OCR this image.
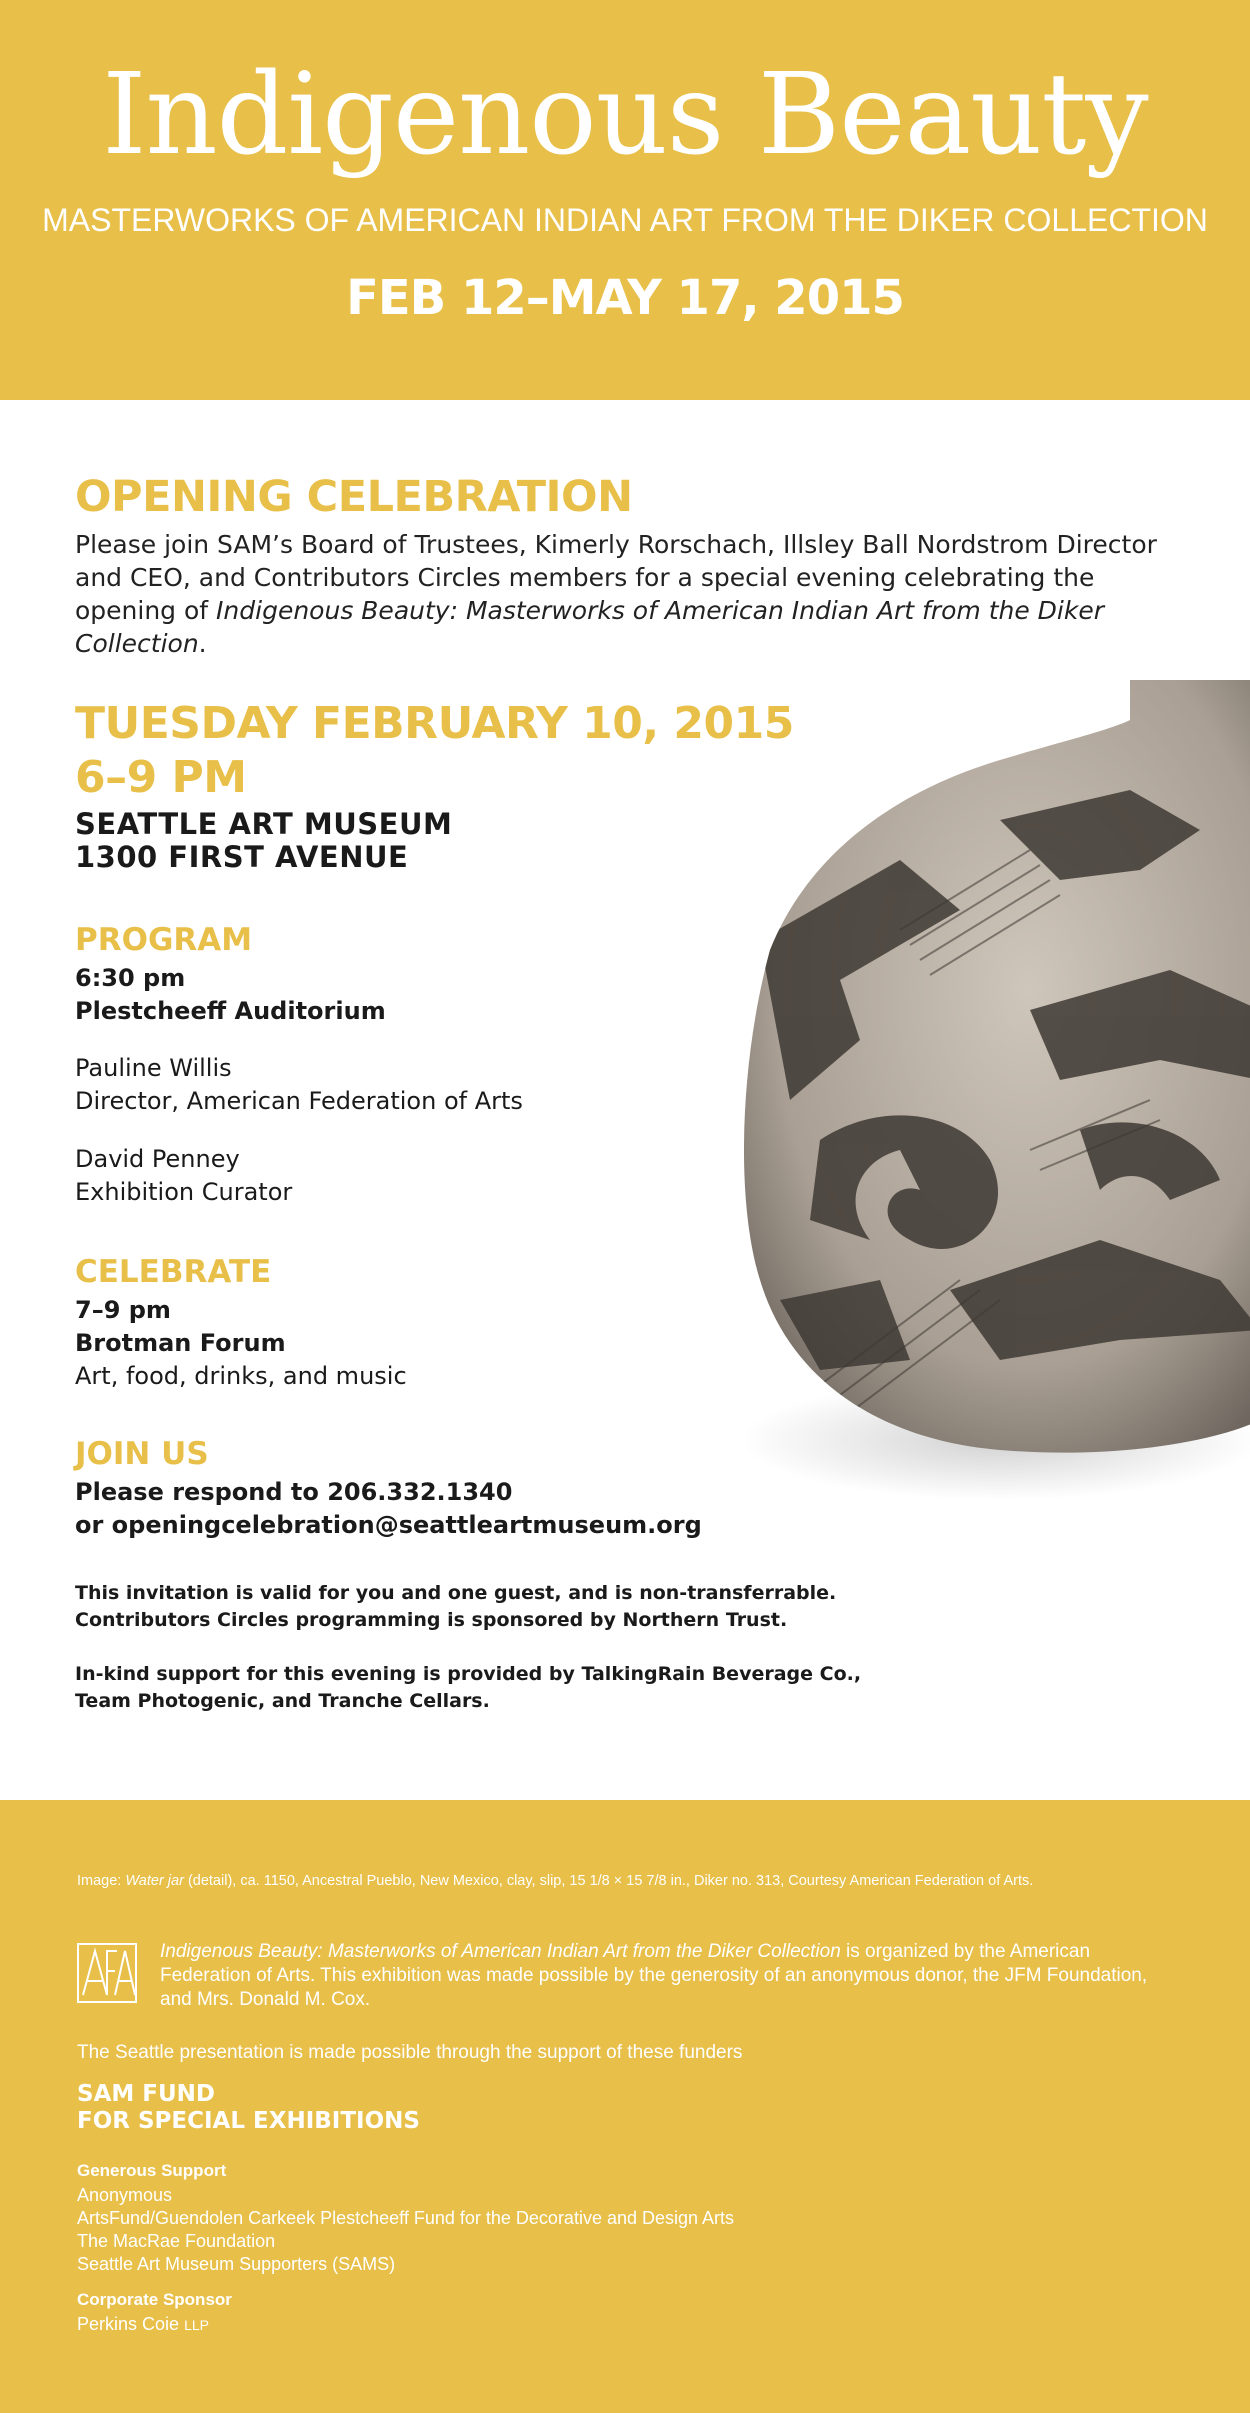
Indigenous Beauty
MASTERWORKS OF AMERICAN INDIAN ART FROM THE DIKER COLLECTION
FEB 12–MAY 17, 2015
OPENING CELEBRATION
Please join SAM’s Board of Trustees, Kimerly Rorschach, Illsley Ball Nordstrom Director and CEO, and Contributors Circles members for a special evening celebrating the opening of Indigenous Beauty: Masterworks of American Indian Art from the Diker Collection.
TUESDAY FEBRUARY 10, 2015
6–9 PM
SEATTLE ART MUSEUM
1300 FIRST AVENUE
PROGRAM
6:30 pm
Plestcheeff Auditorium
Pauline Willis
Director, American Federation of Arts
David Penney
Exhibition Curator
CELEBRATE
7–9 pm
Brotman Forum
Art, food, drinks, and music
JOIN US
Please respond to 206.332.1340
or openingcelebration@seattleartmuseum.org
This invitation is valid for you and one guest, and is non-transferrable.
Contributors Circles programming is sponsored by Northern Trust.
In-kind support for this evening is provided by TalkingRain Beverage Co.,
Team Photogenic, and Tranche Cellars.
Image: Water jar (detail), ca. 1150, Ancestral Pueblo, New Mexico, clay, slip, 15 1/8 × 15 7/8 in., Diker no. 313, Courtesy American Federation of Arts.
Indigenous Beauty: Masterworks of American Indian Art from the Diker Collection is organized by the American Federation of Arts. This exhibition was made possible by the generosity of an anonymous donor, the JFM Foundation, and Mrs. Donald M. Cox.
The Seattle presentation is made possible through the support of these funders
SAM FUND
FOR SPECIAL EXHIBITIONS
Generous Support
Anonymous
ArtsFund/Guendolen Carkeek Plestcheeff Fund for the Decorative and Design Arts
The MacRae Foundation
Seattle Art Museum Supporters (SAMS)
Corporate Sponsor
Perkins Coie LLP
